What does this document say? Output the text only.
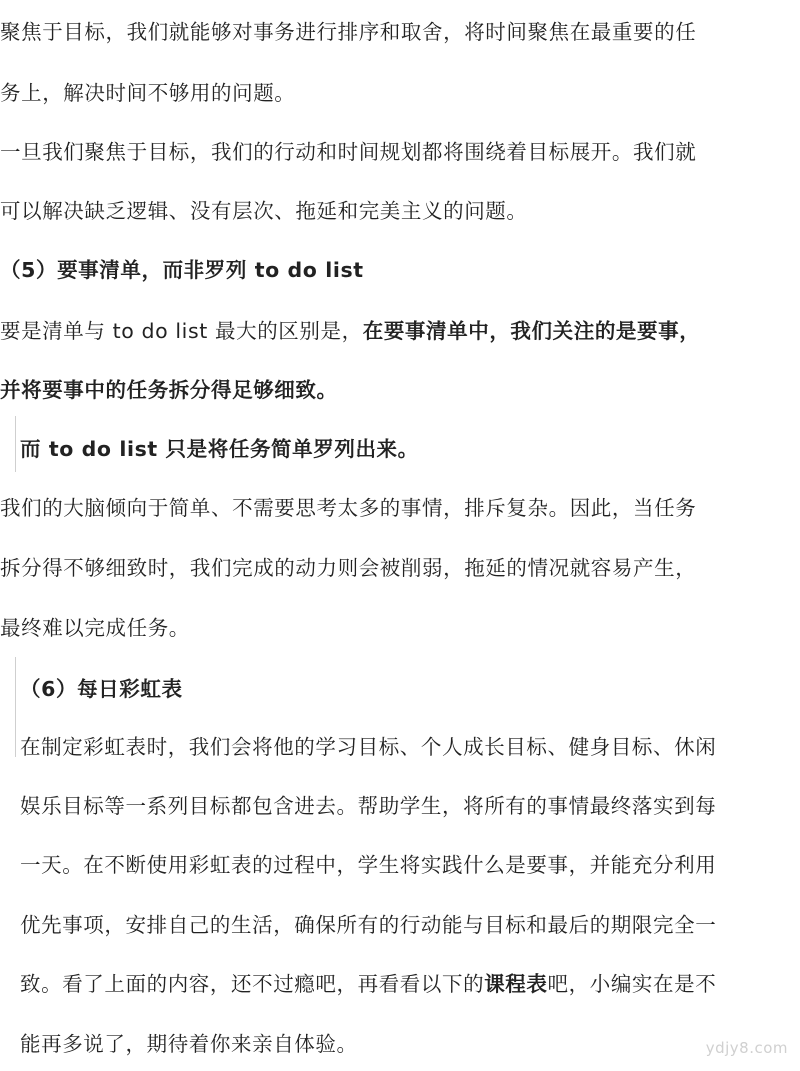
聚焦于目标，我们就能够对事务进行排序和取舍，将时间聚焦在最重要的任
务上，解决时间不够用的问题。
一旦我们聚焦于目标，我们的行动和时间规划都将围绕着目标展开。我们就
可以解决缺乏逻辑、没有层次、拖延和完美主义的问题。
（5）要事清单，而非罗列 to do list
要是清单与 to do list 最大的区别是，在要事清单中，我们关注的是要事，
并将要事中的任务拆分得足够细致。
而 to do list 只是将任务简单罗列出来。
我们的大脑倾向于简单、不需要思考太多的事情，排斥复杂。因此，当任务
拆分得不够细致时，我们完成的动力则会被削弱，拖延的情况就容易产生，
最终难以完成任务。
（6）每日彩虹表
在制定彩虹表时，我们会将他的学习目标、个人成长目标、健身目标、休闲
娱乐目标等一系列目标都包含进去。帮助学生，将所有的事情最终落实到每
一天。在不断使用彩虹表的过程中，学生将实践什么是要事，并能充分利用
优先事项，安排自己的生活，确保所有的行动能与目标和最后的期限完全一
致。看了上面的内容，还不过瘾吧，再看看以下的课程表吧，小编实在是不
能再多说了，期待着你来亲自体验。	ydjy8.com
